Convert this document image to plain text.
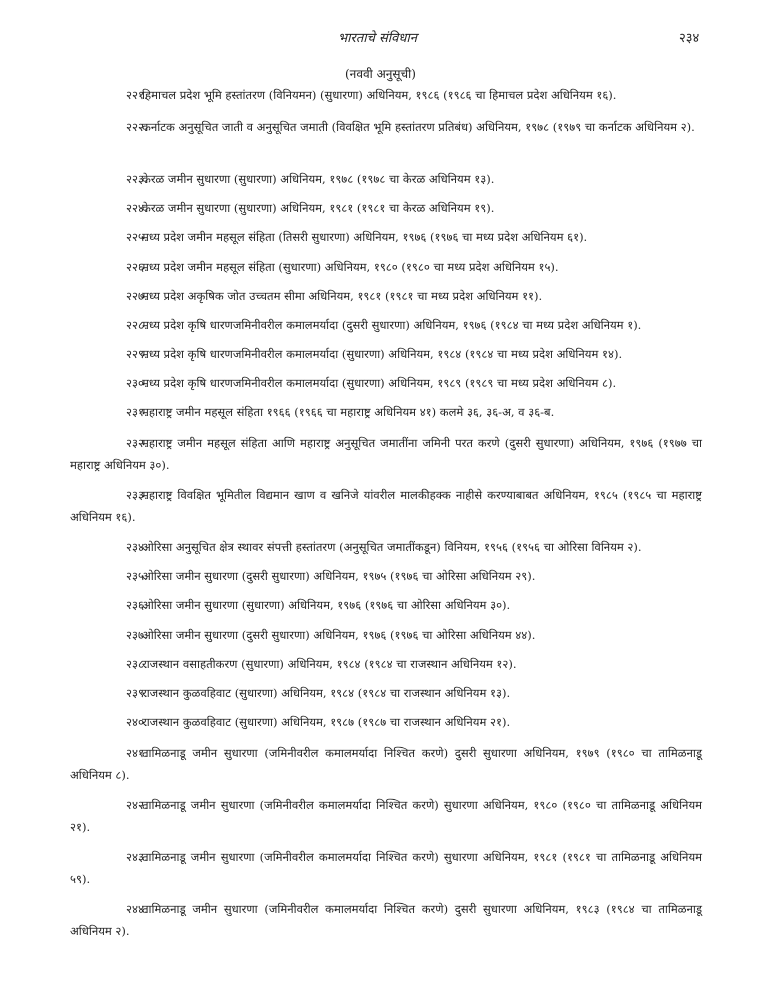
भारताचे संविधान	२३४
(नववी अनुसूची)

२२१.हिमाचल प्रदेश भूमि हस्तांतरण (विनियमन) (सुधारणा) अधिनियम, १९८६ (१९८६ चा हिमाचल प्रदेश अधिनियम १६).

२२२.कर्नाटक अनुसूचित जाती व अनुसूचित जमाती (विवक्षित भूमि हस्तांतरण प्रतिबंध) अधिनियम, १९७८ (१९७९ चा कर्नाटक अधिनियम २).

२२३.केरळ जमीन सुधारणा (सुधारणा) अधिनियम, १९७८ (१९७८ चा केरळ अधिनियम १३).

२२४.केरळ जमीन सुधारणा (सुधारणा) अधिनियम, १९८१ (१९८१ चा केरळ अधिनियम १९).

२२५.मध्य प्रदेश जमीन महसूल संहिता (तिसरी सुधारणा) अधिनियम, १९७६ (१९७६ चा मध्य प्रदेश अधिनियम ६१).

२२६.मध्य प्रदेश जमीन महसूल संहिता (सुधारणा) अधिनियम, १९८० (१९८० चा मध्य प्रदेश अधिनियम १५).

२२७.मध्य प्रदेश अकृषिक जोत उच्चतम सीमा अधिनियम, १९८१ (१९८१ चा मध्य प्रदेश अधिनियम ११).

२२८.मध्य प्रदेश कृषि धारणजमिनीवरील कमालमर्यादा (दुसरी सुधारणा) अधिनियम, १९७६ (१९८४ चा मध्य प्रदेश अधिनियम १).

२२९.मध्य प्रदेश कृषि धारणजमिनीवरील कमालमर्यादा (सुधारणा) अधिनियम, १९८४ (१९८४ चा मध्य प्रदेश अधिनियम १४).

२३०.मध्य प्रदेश कृषि धारणजमिनीवरील कमालमर्यादा (सुधारणा) अधिनियम, १९८९ (१९८९ चा मध्य प्रदेश अधिनियम ८).

२३१.महाराष्ट्र जमीन महसूल संहिता १९६६ (१९६६ चा महाराष्ट्र अधिनियम ४१) कलमे ३६, ३६-अ, व ३६-ब.

२३२.महाराष्ट्र जमीन महसूल संहिता आणि महाराष्ट्र अनुसूचित जमातींना जमिनी परत करणे (दुसरी सुधारणा) अधिनियम, १९७६ (१९७७ चा महाराष्ट्र अधिनियम ३०).

२३३.महाराष्ट्र विवक्षित भूमितील विद्यमान खाण व खनिजे यांवरील मालकीहक्क नाहीसे करण्याबाबत अधिनियम, १९८५ (१९८५ चा महाराष्ट्र अधिनियम १६).

२३४.ओरिसा अनुसूचित क्षेत्र स्थावर संपत्ती हस्तांतरण (अनुसूचित जमातींकडून) विनियम, १९५६ (१९५६ चा ओरिसा विनियम २).

२३५.ओरिसा जमीन सुधारणा (दुसरी सुधारणा) अधिनियम, १९७५ (१९७६ चा ओरिसा अधिनियम २९).

२३६.ओरिसा जमीन सुधारणा (सुधारणा) अधिनियम, १९७६ (१९७६ चा ओरिसा अधिनियम ३०).

२३७.ओरिसा जमीन सुधारणा (दुसरी सुधारणा) अधिनियम, १९७६ (१९७६ चा ओरिसा अधिनियम ४४).

२३८.राजस्थान वसाहतीकरण (सुधारणा) अधिनियम, १९८४ (१९८४ चा राजस्थान अधिनियम १२).

२३९.राजस्थान कुळवहिवाट (सुधारणा) अधिनियम, १९८४ (१९८४ चा राजस्थान अधिनियम १३).

२४०.राजस्थान कुळवहिवाट (सुधारणा) अधिनियम, १९८७ (१९८७ चा राजस्थान अधिनियम २१).

२४१.तामिळनाडू जमीन सुधारणा (जमिनीवरील कमालमर्यादा निश्चित करणे) दुसरी सुधारणा अधिनियम, १९७९ (१९८० चा तामिळनाडू अधिनियम ८).

२४२.तामिळनाडू जमीन सुधारणा (जमिनीवरील कमालमर्यादा निश्चित करणे) सुधारणा अधिनियम, १९८० (१९८० चा तामिळनाडू अधिनियम २१).

२४३.तामिळनाडू जमीन सुधारणा (जमिनीवरील कमालमर्यादा निश्चित करणे) सुधारणा अधिनियम, १९८१ (१९८१ चा तामिळनाडू अधिनियम ५९).

२४४.तामिळनाडू जमीन सुधारणा (जमिनीवरील कमालमर्यादा निश्चित करणे) दुसरी सुधारणा अधिनियम, १९८३ (१९८४ चा तामिळनाडू अधिनियम २).
